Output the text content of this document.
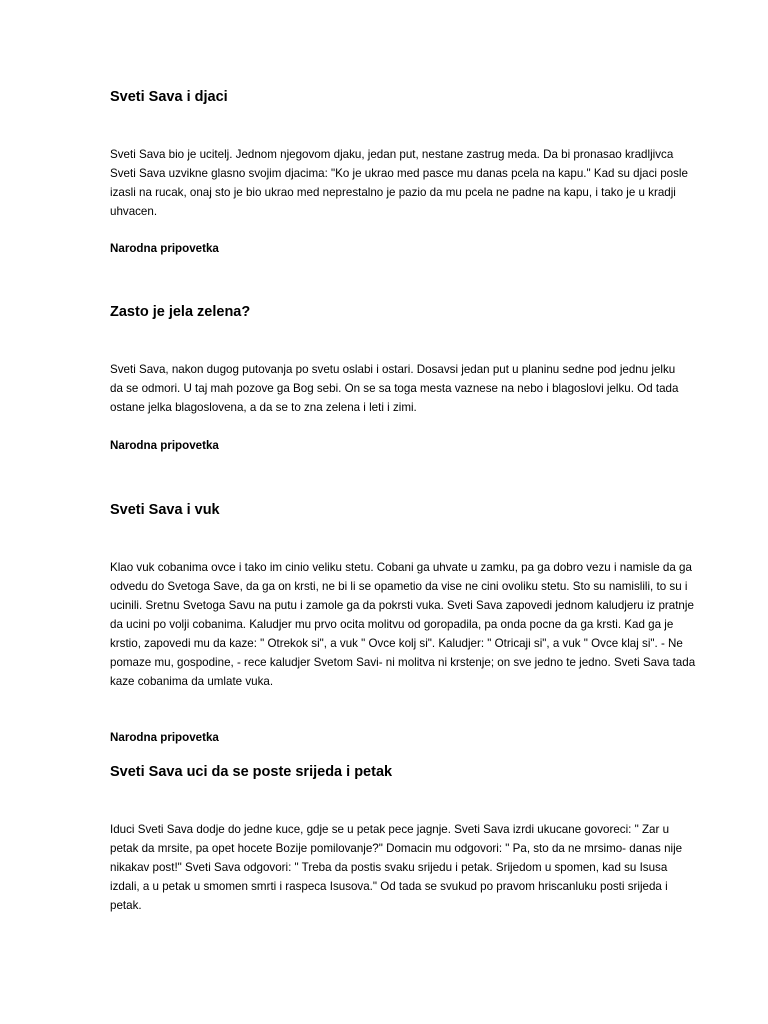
Sveti Sava i djaci

Sveti Sava bio je ucitelj. Jednom njegovom djaku, jedan put, nestane zastrug meda. Da bi pronasao kradljivca Sveti Sava uzvikne glasno svojim djacima: "Ko je ukrao med pasce mu danas pcela na kapu." Kad su djaci posle izasli na rucak, onaj sto je bio ukrao med neprestalno je pazio da mu pcela ne padne na kapu, i tako je u kradji uhvacen.

Narodna pripovetka

Zasto je jela zelena?

Sveti Sava, nakon dugog putovanja po svetu oslabi i ostari. Dosavsi jedan put u planinu sedne pod jednu jelku da se odmori. U taj mah pozove ga Bog sebi. On se sa toga mesta vaznese na nebo i blagoslovi jelku. Od tada ostane jelka blagoslovena, a da se to zna zelena i leti i zimi.

Narodna pripovetka

Sveti Sava i vuk

Klao vuk cobanima ovce i tako im cinio veliku stetu. Cobani ga uhvate u zamku, pa ga dobro vezu i namisle da ga odvedu do Svetoga Save, da ga on krsti, ne bi li se opametio da vise ne cini ovoliku stetu. Sto su namislili, to su i ucinili. Sretnu Svetoga Savu na putu i zamole ga da pokrsti vuka. Sveti Sava zapovedi jednom kaludjeru iz pratnje da ucini po volji cobanima. Kaludjer mu prvo ocita molitvu od goropadila, pa onda pocne da ga krsti. Kad ga je krstio, zapovedi mu da kaze: " Otrekok si", a vuk " Ovce kolj si". Kaludjer: " Otricaji si", a vuk " Ovce klaj si". - Ne pomaze mu, gospodine, - rece kaludjer Svetom Savi- ni molitva ni krstenje; on sve jedno te jedno. Sveti Sava tada kaze cobanima da umlate vuka.

Narodna pripovetka

Sveti Sava uci da se poste srijeda i petak

Iduci Sveti Sava dodje do jedne kuce, gdje se u petak pece jagnje. Sveti Sava izrdi ukucane govoreci: " Zar u petak da mrsite, pa opet hocete Bozije pomilovanje?" Domacin mu odgovori: " Pa, sto da ne mrsimo- danas nije nikakav post!" Sveti Sava odgovori: " Treba da postis svaku srijedu i petak. Srijedom u spomen, kad su Isusa izdali, a u petak u smomen smrti i raspeca Isusova." Od tada se svukud po pravom hriscanluku posti srijeda i petak.
